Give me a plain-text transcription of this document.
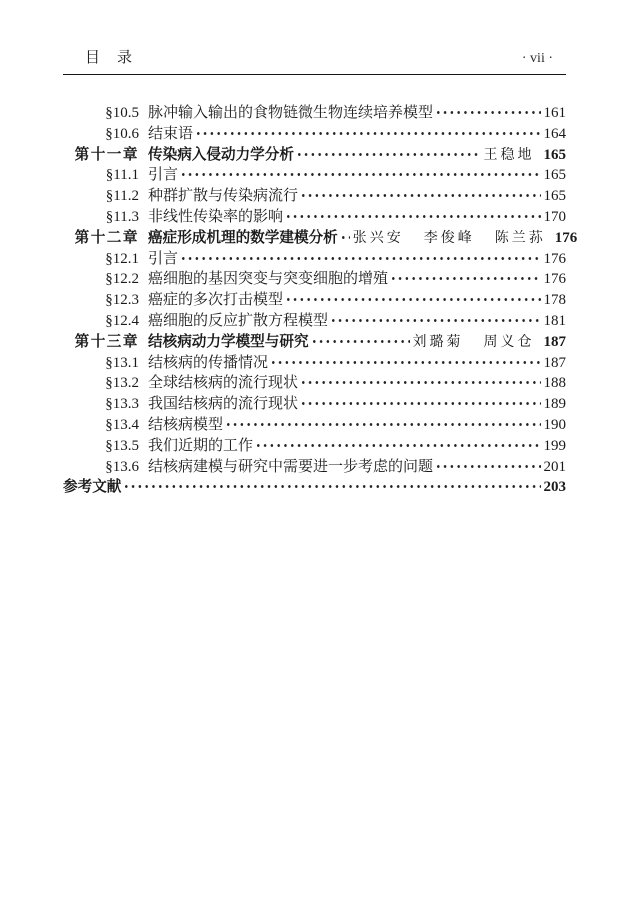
目　录	· vii ·
§10.5 脉冲输入输出的食物链微生物连续培养模型	161
§10.6 结束语	164
第十一章 传染病入侵动力学分析	王稳地 165
§11.1 引言	165
§11.2 种群扩散与传染病流行	165
§11.3 非线性传染率的影响	170
第十二章 癌症形成机理的数学建模分析 张兴安  李俊峰  陈兰荪 176
§12.1 引言	176
§12.2 癌细胞的基因突变与突变细胞的增殖	176
§12.3 癌症的多次打击模型	178
§12.4 癌细胞的反应扩散方程模型	181
第十三章 结核病动力学模型与研究	刘璐菊  周义仓 187
§13.1 结核病的传播情况	187
§13.2 全球结核病的流行现状	188
§13.3 我国结核病的流行现状	189
§13.4 结核病模型	190
§13.5 我们近期的工作	199
§13.6 结核病建模与研究中需要进一步考虑的问题	201
参考文献	203
